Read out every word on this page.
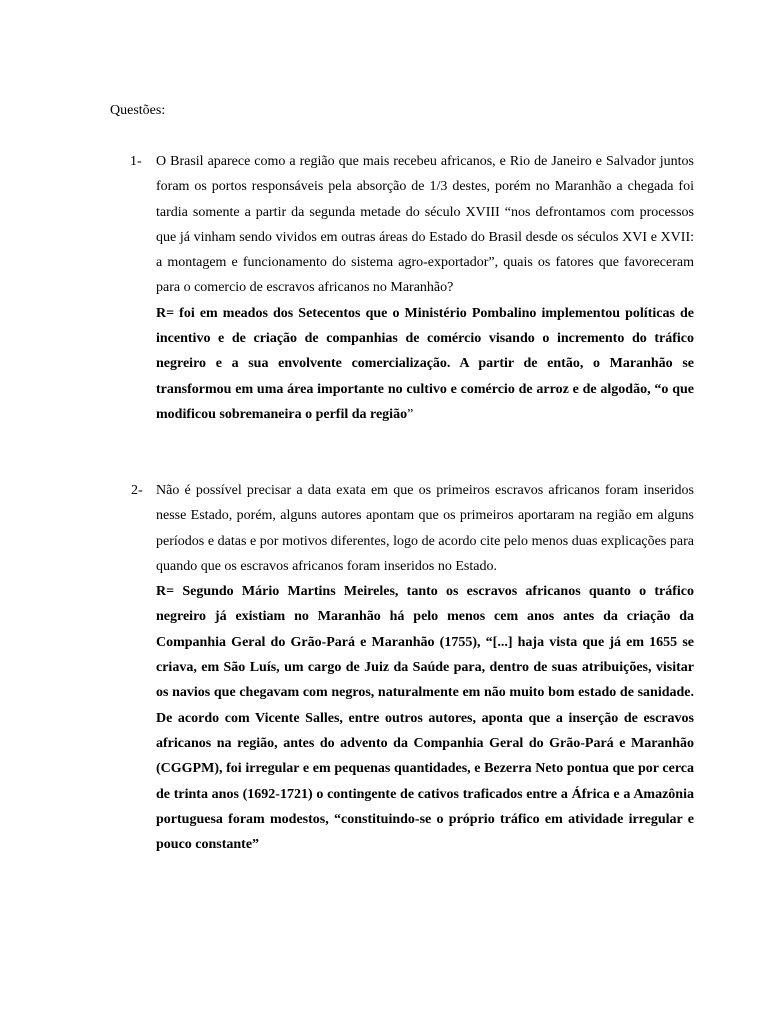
Questões:
1- O Brasil aparece como a região que mais recebeu africanos, e Rio de Janeiro e Salvador juntos foram os portos responsáveis pela absorção de 1/3 destes, porém no Maranhão a chegada foi tardia somente a partir da segunda metade do século XVIII “nos defrontamos com processos que já vinham sendo vividos em outras áreas do Estado do Brasil desde os séculos XVI e XVII: a montagem e funcionamento do sistema agro-exportador”, quais os fatores que favoreceram para o comercio de escravos africanos no Maranhão?

R= foi em meados dos Setecentos que o Ministério Pombalino implementou políticas de incentivo e de criação de companhias de comércio visando o incremento do tráfico negreiro e a sua envolvente comercialização. A partir de então, o Maranhão se transformou em uma área importante no cultivo e comércio de arroz e de algodão, “o que modificou sobremaneira o perfil da região”

2- Não é possível precisar a data exata em que os primeiros escravos africanos foram inseridos nesse Estado, porém, alguns autores apontam que os primeiros aportaram na região em alguns períodos e datas e por motivos diferentes, logo de acordo cite pelo menos duas explicações para quando que os escravos africanos foram inseridos no Estado.

R= Segundo Mário Martins Meireles, tanto os escravos africanos quanto o tráfico negreiro já existiam no Maranhão há pelo menos cem anos antes da criação da Companhia Geral do Grão-Pará e Maranhão (1755), “[...] haja vista que já em 1655 se criava, em São Luís, um cargo de Juiz da Saúde para, dentro de suas atribuições, visitar os navios que chegavam com negros, naturalmente em não muito bom estado de sanidade. De acordo com Vicente Salles, entre outros autores, aponta que a inserção de escravos africanos na região, antes do advento da Companhia Geral do Grão-Pará e Maranhão (CGGPM), foi irregular e em pequenas quantidades, e Bezerra Neto pontua que por cerca de trinta anos (1692-1721) o contingente de cativos traficados entre a África e a Amazônia portuguesa foram modestos, “constituindo-se o próprio tráfico em atividade irregular e pouco constante”
